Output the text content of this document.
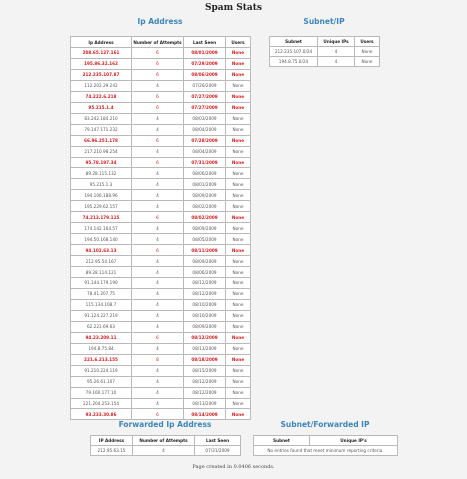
Spam Stats
Ip Address
Ip Address	Number of Attempts	Last Seen	Users
208.65.127.161	6	08/01/2009	None
195.86.32.162	6	07/29/2009	None
212.235.107.87	6	08/06/2009	None
112.202.29.242	4	07/26/2009	None
74.222.6.218	6	07/27/2009	None
95.215.1.4	6	07/27/2009	None
83.242.184.210	4	08/03/2009	None
79.147.171.232	4	08/04/2009	None
66.96.251.178	6	07/28/2009	None
217.210.98.254	4	08/04/2009	None
95.78.197.34	6	07/31/2009	None
89.28.115.132	4	08/06/2009	None
95.215.1.3	4	08/01/2009	None
194.106.188.96	4	08/09/2009	None
195.229.62.157	4	08/02/2009	None
74.213.179.115	6	08/02/2009	None
174.142.164.57	4	08/09/2009	None
194.50.168.140	4	08/05/2009	None
94.102.63.13	6	08/11/2009	None
212.95.54.167	4	08/09/2009	None
89.28.114.121	4	08/06/2009	None
91.144.179.190	4	08/12/2009	None
78.41.207.75	4	08/12/2009	None
115.134.108.7	4	08/10/2009	None
91.124.227.219	4	08/10/2009	None
62.221.69.63	4	08/09/2009	None
94.23.209.11	6	08/12/2009	None
194.8.75.84	4	08/13/2009	None
221.6.213.155	8	08/18/2009	None
91.210.224.119	4	08/15/2009	None
95.26.61.107	4	08/12/2009	None
79.160.177.10	4	08/12/2009	None
221.204.253.154	4	08/13/2009	None
93.233.30.86	6	08/14/2009	None
Subnet/IP
Subnet	Unique IPs	Users
212.235.107.0/24	4	None
194.8.75.0/24	4	None
Forwarded Ip Address
IP Address	Number of Attempts	Last Seen
212.95.63.15	4	07/31/2009
Subnet/Forwarded IP
Subnet	Unique IP's
No entries found that meet minimum reporting criteria.
Page created in 0.0406 seconds.
